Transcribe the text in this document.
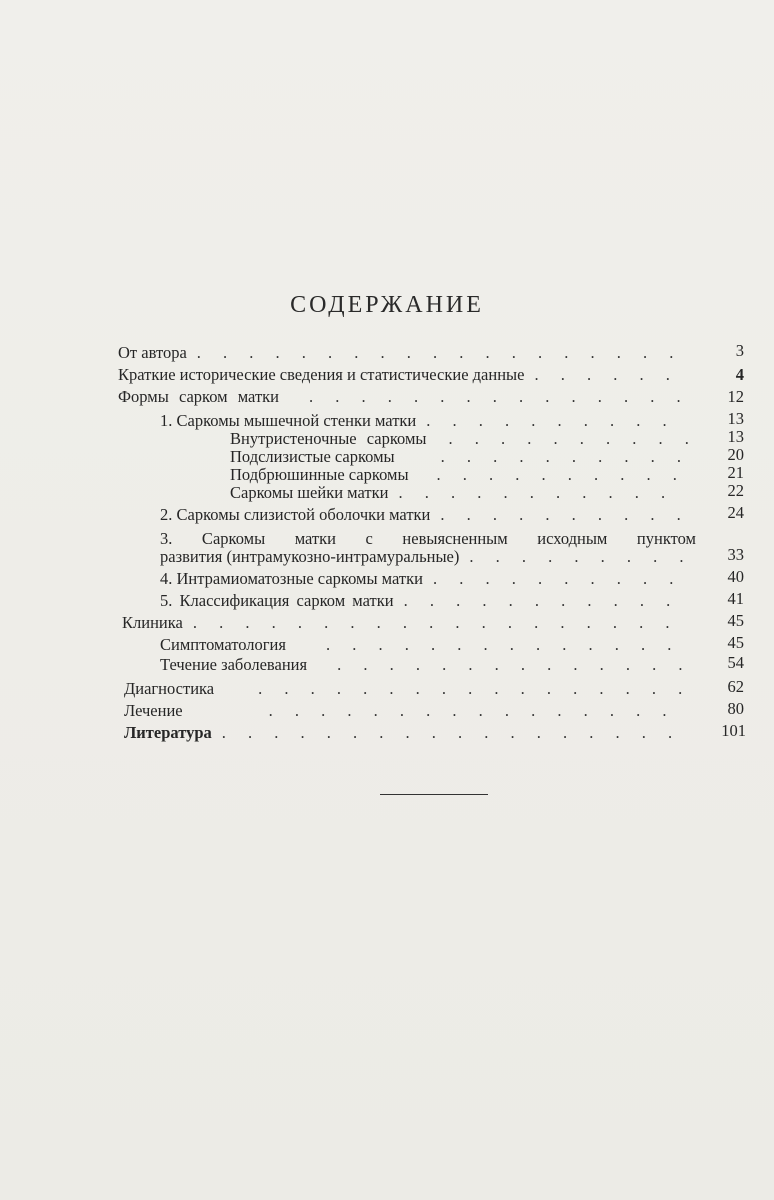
СОДЕРЖАНИЕ
От автора . . .	3
Краткие исторические сведения и статистические данные . . .	4
Формы сарком матки . . .	12
1. Саркомы мышечной стенки матки . . .	13
Внутристеночные саркомы . . .	13
Подслизистые саркомы . . .	20
Подбрюшинные саркомы . . .	21
Саркомы шейки матки . . .	22
2. Саркомы слизистой оболочки матки . . .	24
3. Саркомы матки с невыясненным исходным пунктом
развития (интрамукозно-интрамуральные) . . .	33
4. Интрамиоматозные саркомы матки . . .	40
5. Классификация сарком матки . . .	41
Клиника . . .	45
Симптоматология . . .	45
Течение заболевания . . .	54
Диагностика . . .	62
Лечение . . .	80
Литература . . .	101
